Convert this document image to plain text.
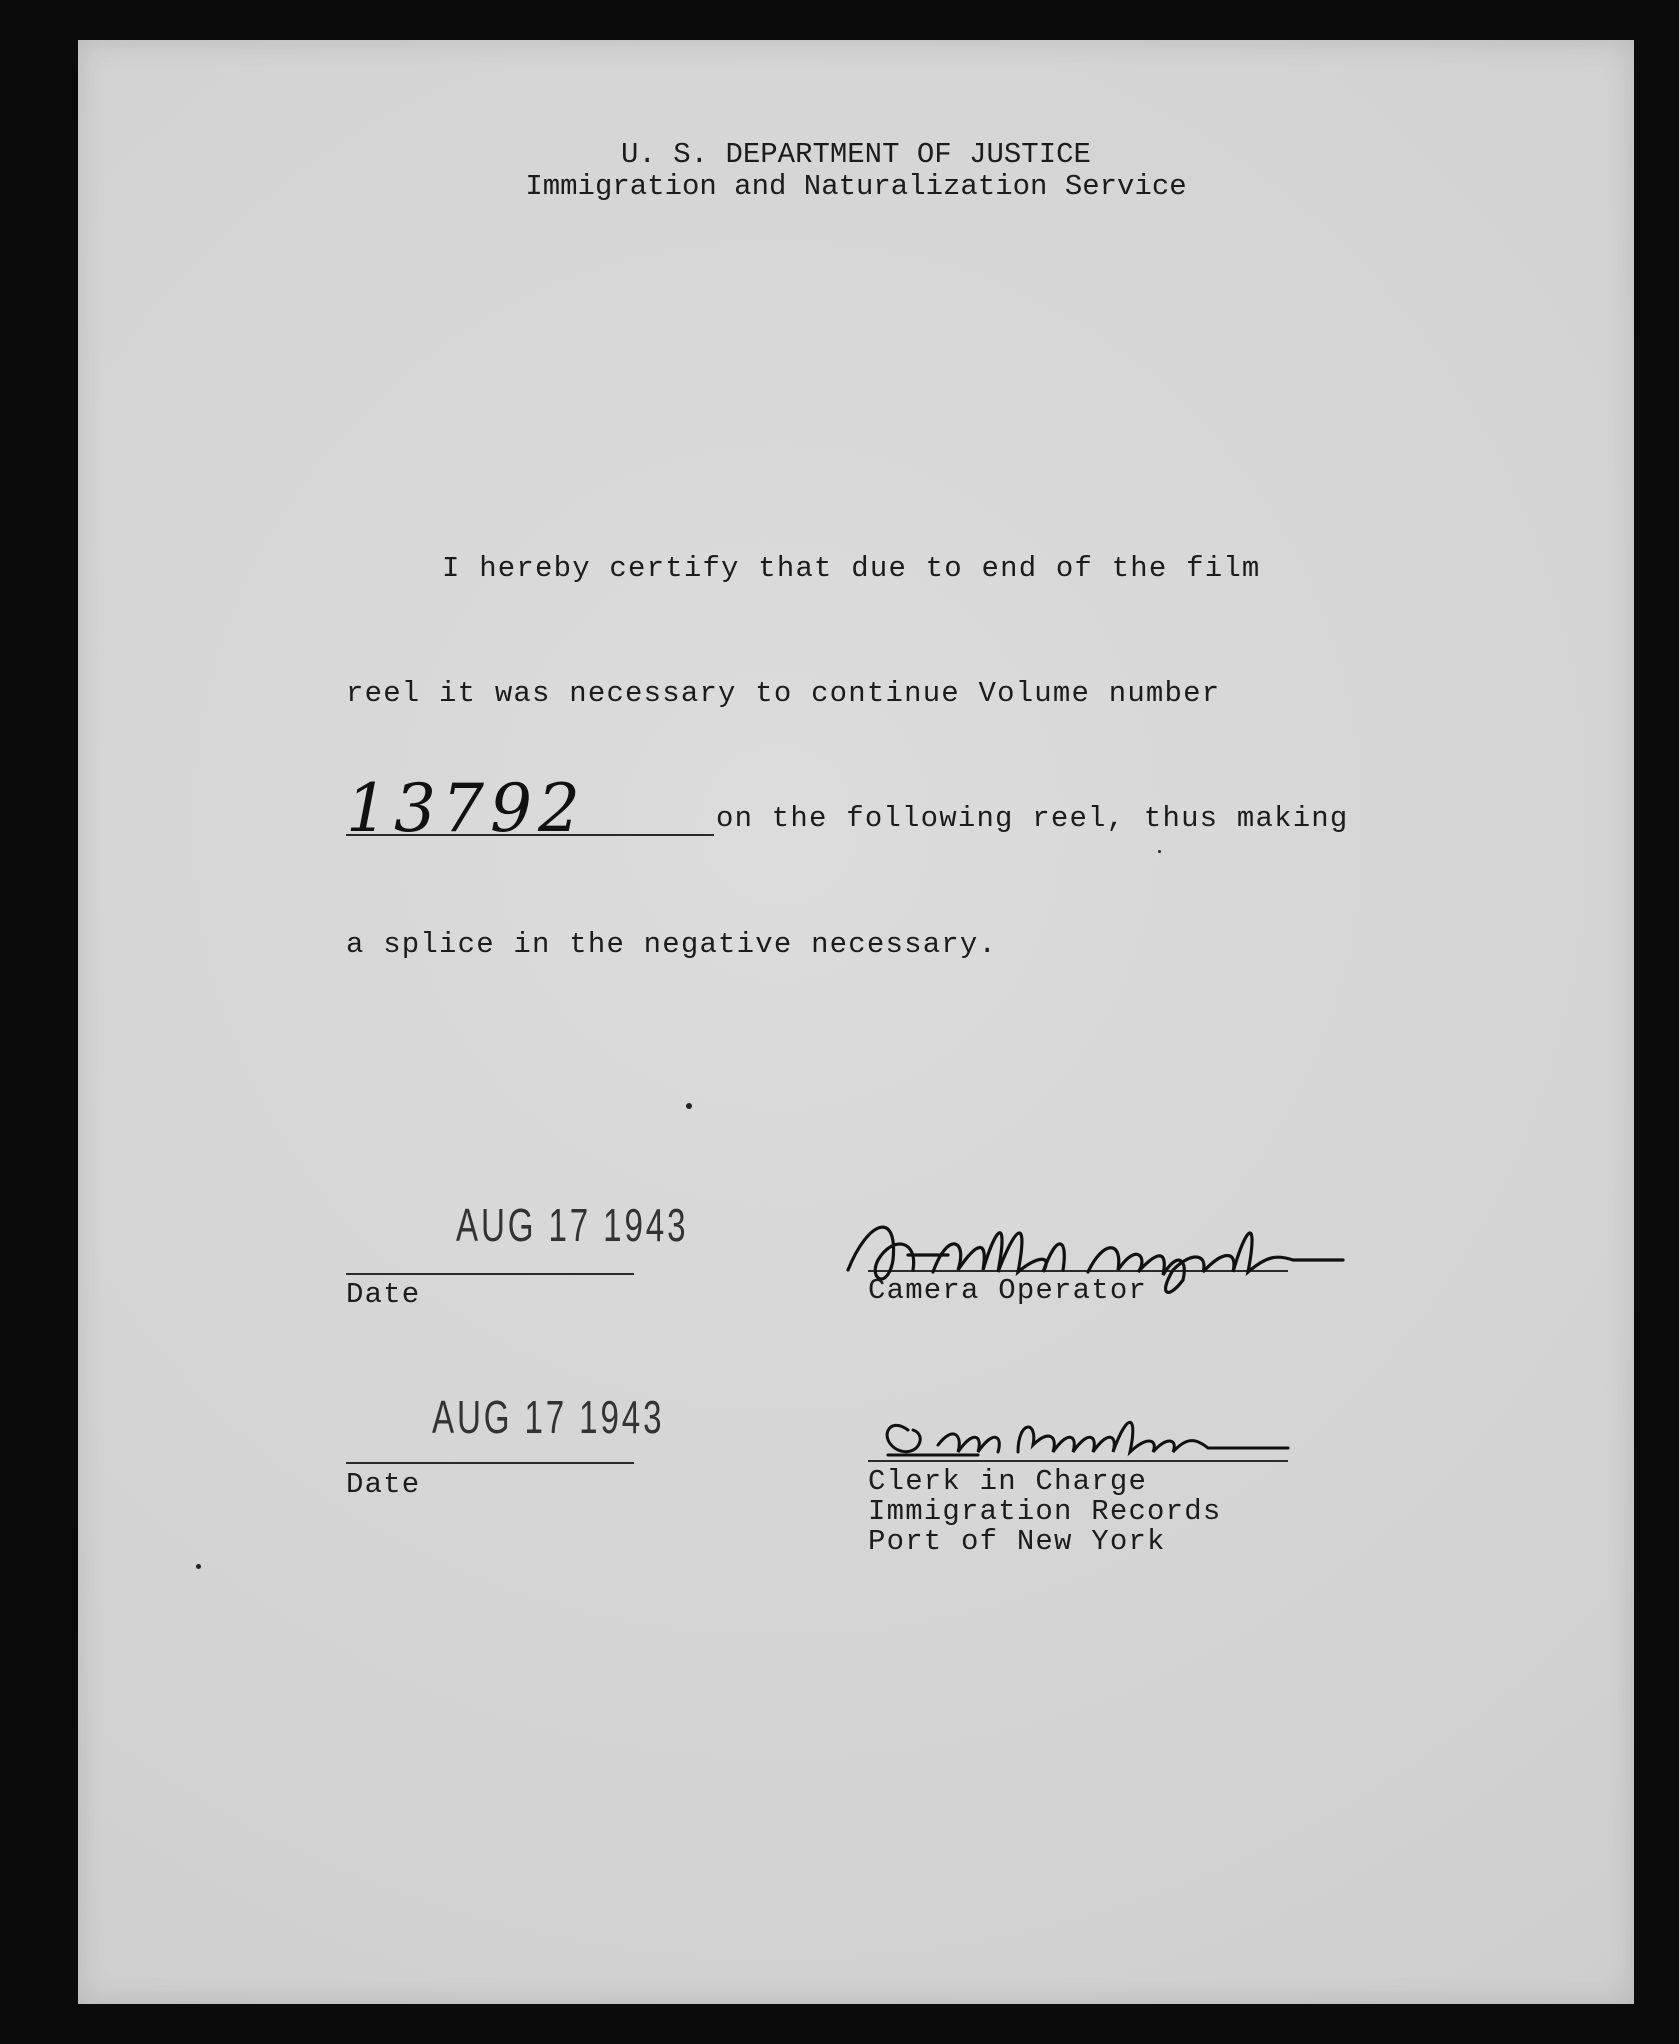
U. S. DEPARTMENT OF JUSTICE
Immigration and Naturalization Service
I hereby certify that due to end of the film
reel it was necessary to continue Volume number
13792	on the following reel, thus making
a splice in the negative necessary.
AUG 17 1943
Date	Camera Operator
AUG 17 1943
Date	Clerk in Charge
Immigration Records
Port of New York
